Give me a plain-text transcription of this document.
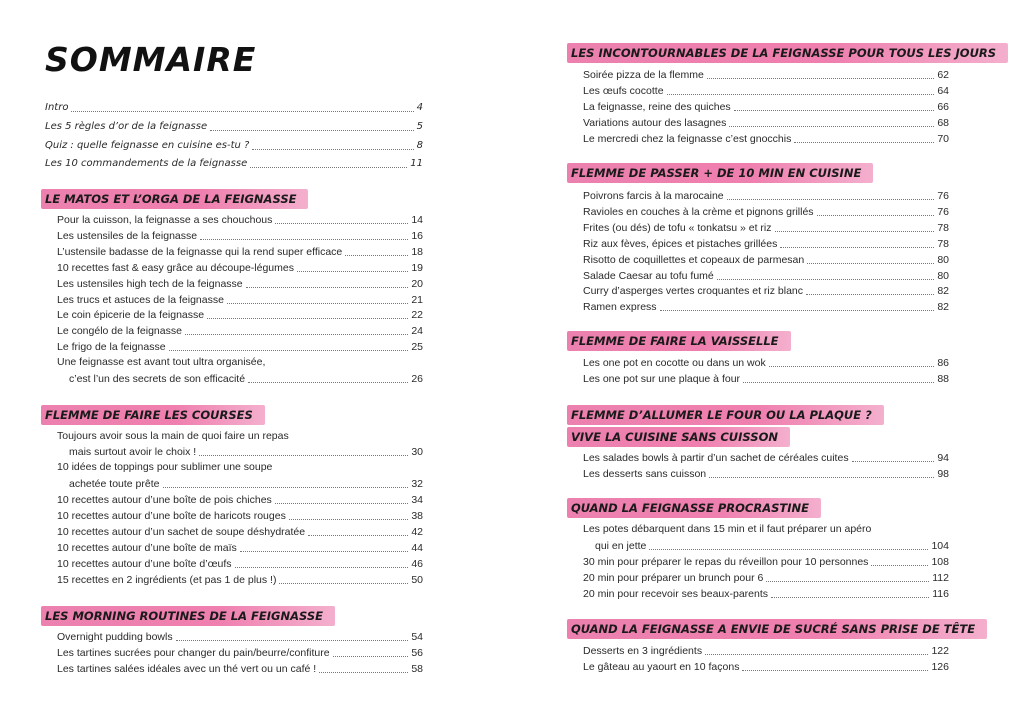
SOMMAIRE
Intro	4
Les 5 règles d’or de la feignasse	5
Quiz : quelle feignasse en cuisine es-tu ?	8
Les 10 commandements de la feignasse	11
LE MATOS ET L’ORGA DE LA FEIGNASSE
Pour la cuisson, la feignasse a ses chouchous	14
Les ustensiles de la feignasse	16
L’ustensile badasse de la feignasse qui la rend super efficace	18
10 recettes fast & easy grâce au découpe-légumes	19
Les ustensiles high tech de la feignasse	20
Les trucs et astuces de la feignasse	21
Le coin épicerie de la feignasse	22
Le congélo de la feignasse	24
Le frigo de la feignasse	25
Une feignasse est avant tout ultra organisée,
c’est l’un des secrets de son efficacité	26
FLEMME DE FAIRE LES COURSES
Toujours avoir sous la main de quoi faire un repas
mais surtout avoir le choix !	30
10 idées de toppings pour sublimer une soupe
achetée toute prête	32
10 recettes autour d’une boîte de pois chiches	34
10 recettes autour d’une boîte de haricots rouges	38
10 recettes autour d’un sachet de soupe déshydratée	42
10 recettes autour d’une boîte de maïs	44
10 recettes autour d’une boîte d’œufs	46
15 recettes en 2 ingrédients (et pas 1 de plus !)	50
LES MORNING ROUTINES DE LA FEIGNASSE
Overnight pudding bowls	54
Les tartines sucrées pour changer du pain/beurre/confiture	56
Les tartines salées idéales avec un thé vert ou un café !	58
LES INCONTOURNABLES DE LA FEIGNASSE POUR TOUS LES JOURS
Soirée pizza de la flemme	62
Les œufs cocotte	64
La feignasse, reine des quiches	66
Variations autour des lasagnes	68
Le mercredi chez la feignasse c’est gnocchis	70
FLEMME DE PASSER + DE 10 MIN EN CUISINE
Poivrons farcis à la marocaine	76
Ravioles en couches à la crème et pignons grillés	76
Frites (ou dés) de tofu « tonkatsu » et riz	78
Riz aux fèves, épices et pistaches grillées	78
Risotto de coquillettes et copeaux de parmesan	80
Salade Caesar au tofu fumé	80
Curry d’asperges vertes croquantes et riz blanc	82
Ramen express	82
FLEMME DE FAIRE LA VAISSELLE
Les one pot en cocotte ou dans un wok	86
Les one pot sur une plaque à four	88
FLEMME D’ALLUMER LE FOUR OU LA PLAQUE ?
VIVE LA CUISINE SANS CUISSON
Les salades bowls à partir d’un sachet de céréales cuites	94
Les desserts sans cuisson	98
QUAND LA FEIGNASSE PROCRASTINE
Les potes débarquent dans 15 min et il faut préparer un apéro
qui en jette	104
30 min pour préparer le repas du réveillon pour 10 personnes	108
20 min pour préparer un brunch pour 6	112
20 min pour recevoir ses beaux-parents	116
QUAND LA FEIGNASSE A ENVIE DE SUCRÉ SANS PRISE DE TÊTE
Desserts en 3 ingrédients	122
Le gâteau au yaourt en 10 façons	126
